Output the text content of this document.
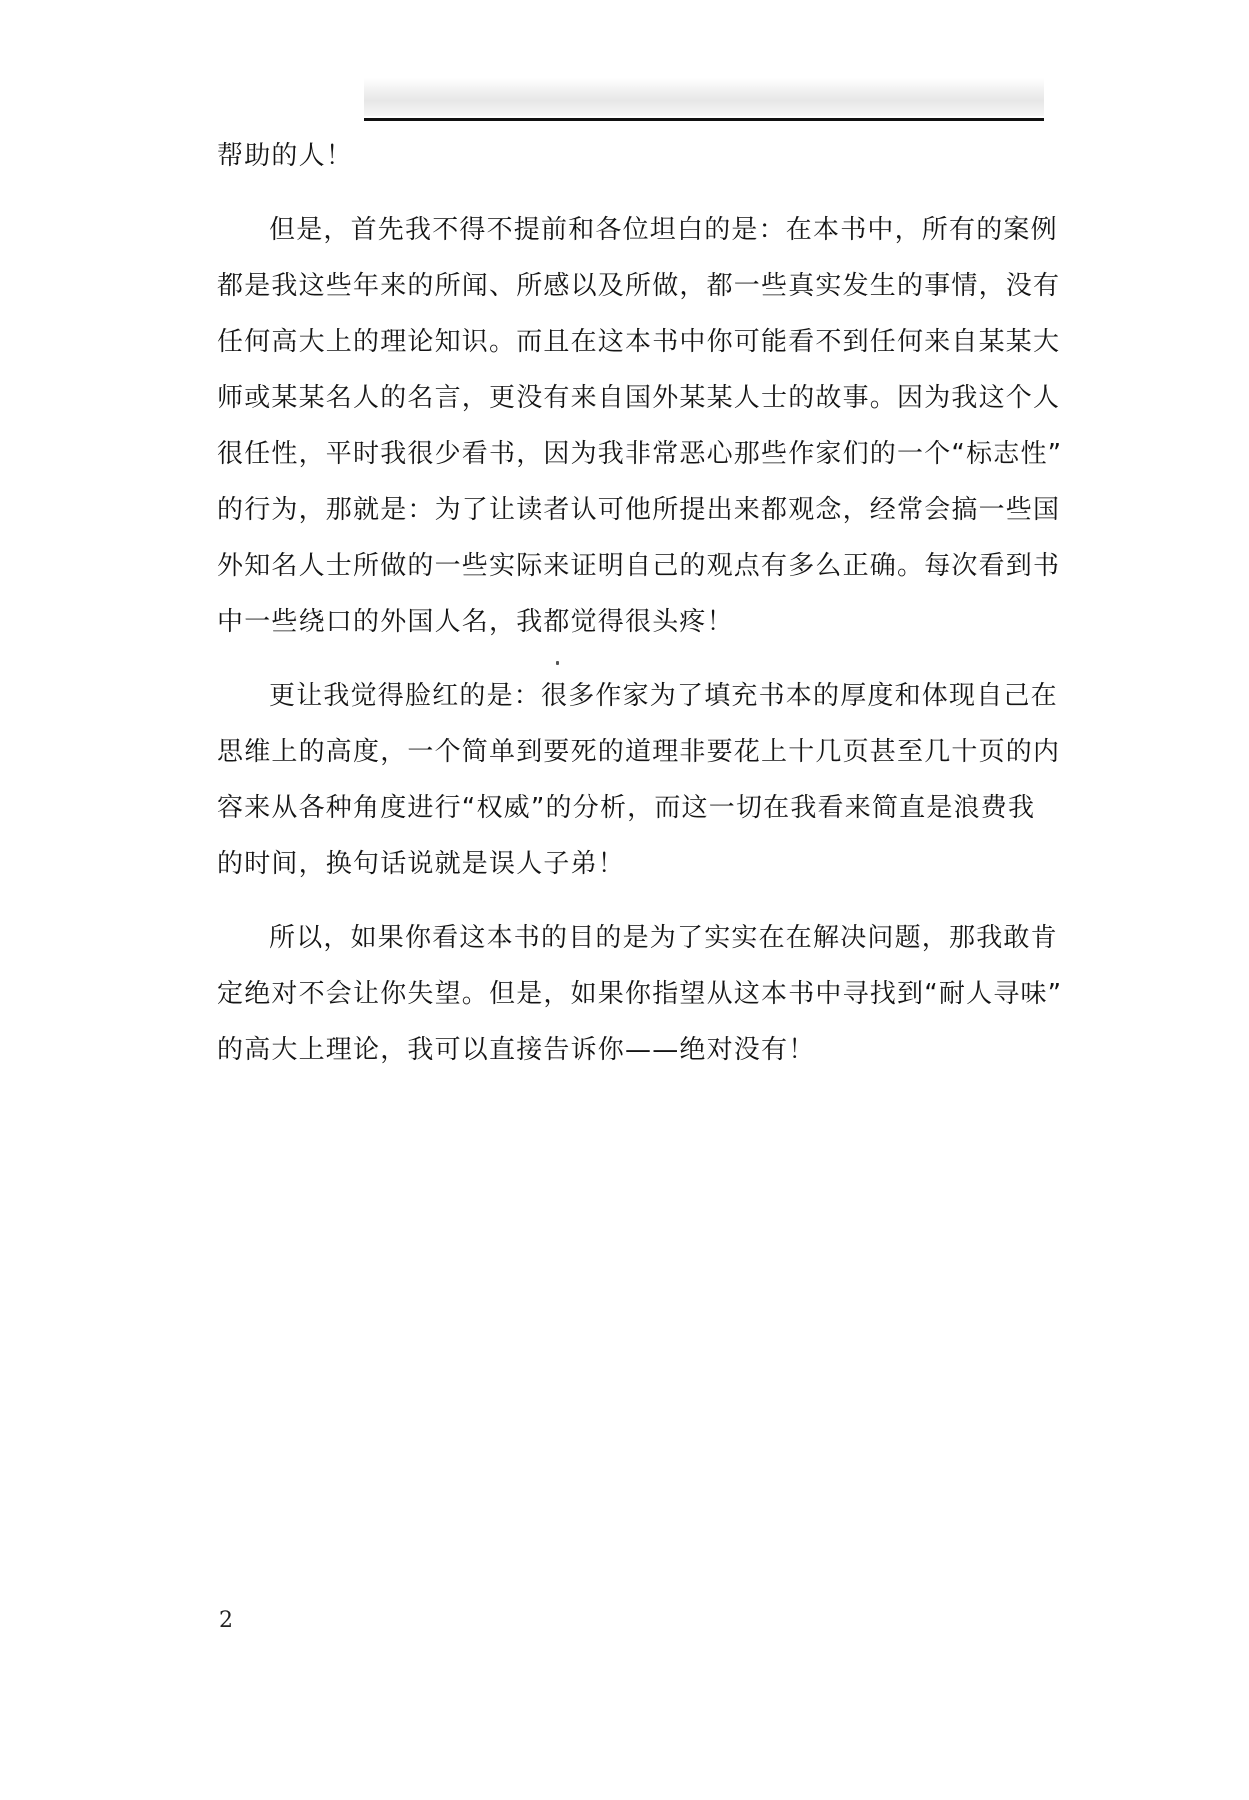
帮助的人！
但是，首先我不得不提前和各位坦白的是：在本书中，所有的案例
都是我这些年来的所闻、所感以及所做，都一些真实发生的事情，没有
任何高大上的理论知识。而且在这本书中你可能看不到任何来自某某大
师或某某名人的名言，更没有来自国外某某人士的故事。因为我这个人
很任性，平时我很少看书，因为我非常恶心那些作家们的一个“标志性”
的行为，那就是：为了让读者认可他所提出来都观念，经常会搞一些国
外知名人士所做的一些实际来证明自己的观点有多么正确。每次看到书
中一些绕口的外国人名，我都觉得很头疼！
更让我觉得脸红的是：很多作家为了填充书本的厚度和体现自己在
思维上的高度，一个简单到要死的道理非要花上十几页甚至几十页的内
容来从各种角度进行“权威”的分析，而这一切在我看来简直是浪费我
的时间，换句话说就是误人子弟！
所以，如果你看这本书的目的是为了实实在在解决问题，那我敢肯
定绝对不会让你失望。但是，如果你指望从这本书中寻找到“耐人寻味”
的高大上理论，我可以直接告诉你——绝对没有！
2
